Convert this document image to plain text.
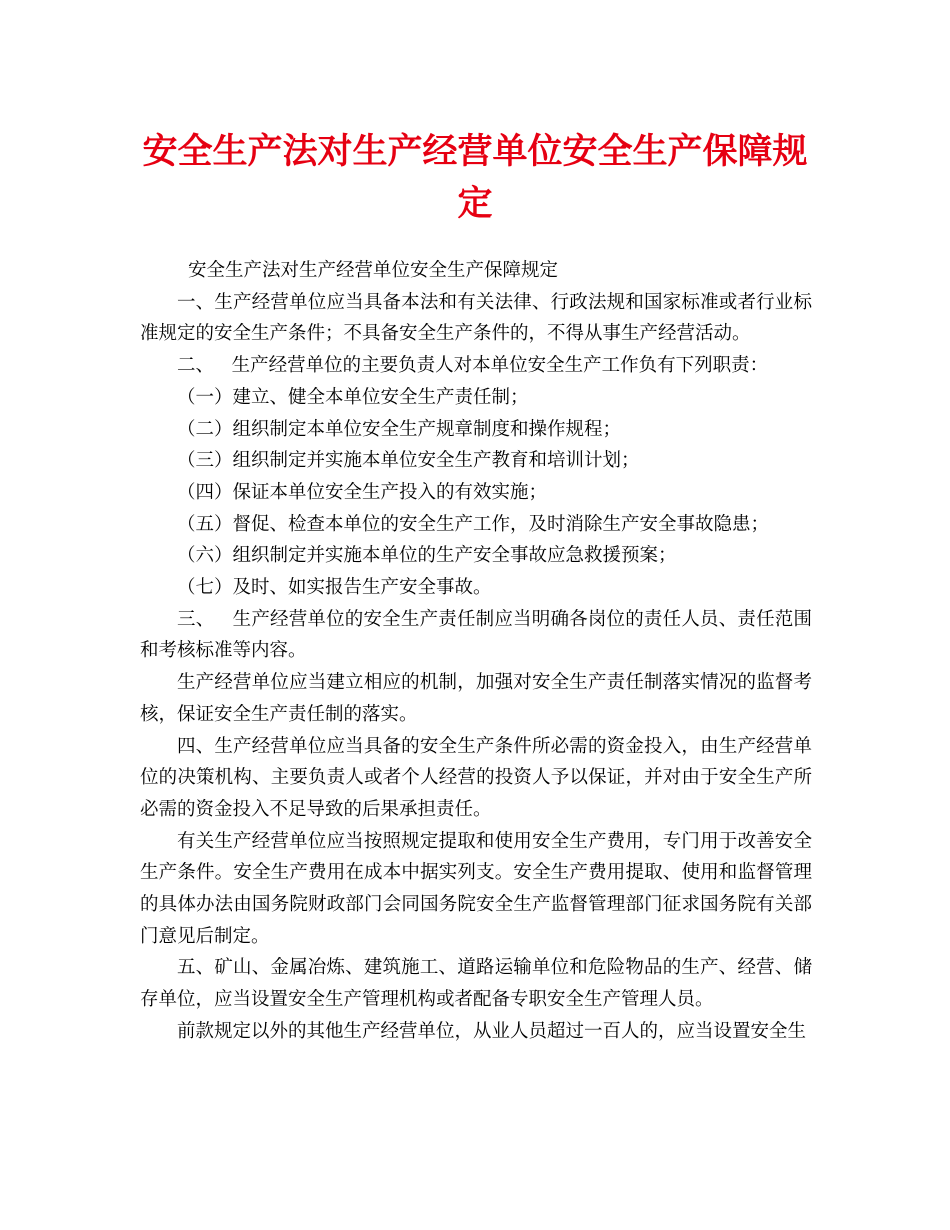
安全生产法对生产经营单位安全生产保障规定

安全生产法对生产经营单位安全生产保障规定

一、生产经营单位应当具备本法和有关法律、行政法规和国家标准或者行业标准规定的安全生产条件；不具备安全生产条件的，不得从事生产经营活动。

二、   生产经营单位的主要负责人对本单位安全生产工作负有下列职责：

（一）建立、健全本单位安全生产责任制；

（二）组织制定本单位安全生产规章制度和操作规程；

（三）组织制定并实施本单位安全生产教育和培训计划；

（四）保证本单位安全生产投入的有效实施；

（五）督促、检查本单位的安全生产工作，及时消除生产安全事故隐患；

（六）组织制定并实施本单位的生产安全事故应急救援预案；

（七）及时、如实报告生产安全事故。

三、   生产经营单位的安全生产责任制应当明确各岗位的责任人员、责任范围和考核标准等内容。

生产经营单位应当建立相应的机制，加强对安全生产责任制落实情况的监督考核，保证安全生产责任制的落实。

四、生产经营单位应当具备的安全生产条件所必需的资金投入，由生产经营单位的决策机构、主要负责人或者个人经营的投资人予以保证，并对由于安全生产所必需的资金投入不足导致的后果承担责任。

有关生产经营单位应当按照规定提取和使用安全生产费用，专门用于改善安全生产条件。安全生产费用在成本中据实列支。安全生产费用提取、使用和监督管理的具体办法由国务院财政部门会同国务院安全生产监督管理部门征求国务院有关部门意见后制定。

五、矿山、金属冶炼、建筑施工、道路运输单位和危险物品的生产、经营、储存单位，应当设置安全生产管理机构或者配备专职安全生产管理人员。

前款规定以外的其他生产经营单位，从业人员超过一百人的，应当设置安全生
